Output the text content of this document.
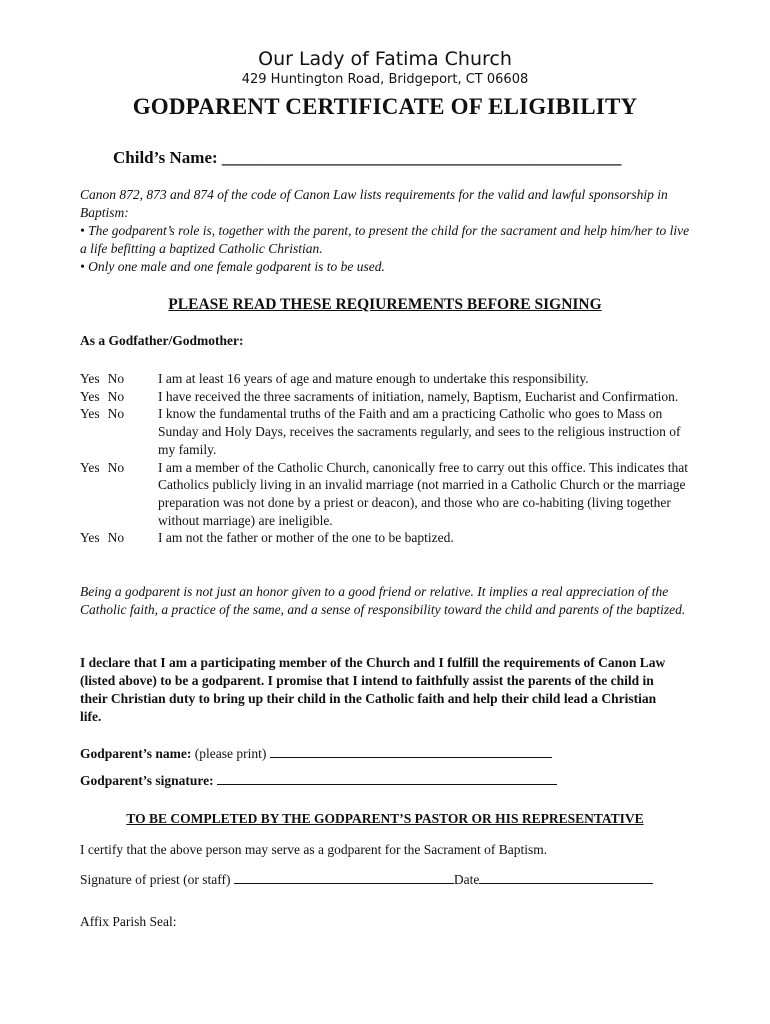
Our Lady of Fatima Church
429 Huntington Road, Bridgeport, CT 06608
GODPARENT CERTIFICATE OF ELIGIBILITY
Child’s Name: _______________________________________________

Canon 872, 873 and 874 of the code of Canon Law lists requirements for the valid and lawful sponsorship in Baptism:

• The godparent’s role is, together with the parent, to present the child for the sacrament and help him/her to live a life befitting a baptized Catholic Christian.

• Only one male and one female godparent is to be used.

PLEASE READ THESE REQIUREMENTS BEFORE SIGNING
As a Godfather/Godmother:
Yes No	I am at least 16 years of age and mature enough to undertake this responsibility.
Yes No	I have received the three sacraments of initiation, namely, Baptism, Eucharist and Confirmation.
Yes No	I know the fundamental truths of the Faith and am a practicing Catholic who goes to Mass on Sunday and Holy Days, receives the sacraments regularly, and sees to the religious instruction of my family.
Yes No	I am a member of the Catholic Church, canonically free to carry out this office. This indicates that Catholics publicly living in an invalid marriage (not married in a Catholic Church or the marriage preparation was not done by a priest or deacon), and those who are co-habiting (living together without marriage) are ineligible.
Yes No	I am not the father or mother of the one to be baptized.
Being a godparent is not just an honor given to a good friend or relative. It implies a real appreciation of the Catholic faith, a practice of the same, and a sense of responsibility toward the child and parents of the baptized.
I declare that I am a participating member of the Church and I fulfill the requirements of Canon Law (listed above) to be a godparent. I promise that I intend to faithfully assist the parents of the child in their Christian duty to bring up their child in the Catholic faith and help their child lead a Christian life.
Godparent’s name: (please print)
Godparent’s signature:
TO BE COMPLETED BY THE GODPARENT’S PASTOR OR HIS REPRESENTATIVE
I certify that the above person may serve as a godparent for the Sacrament of Baptism.
Signature of priest (or staff)	Date
Affix Parish Seal:
